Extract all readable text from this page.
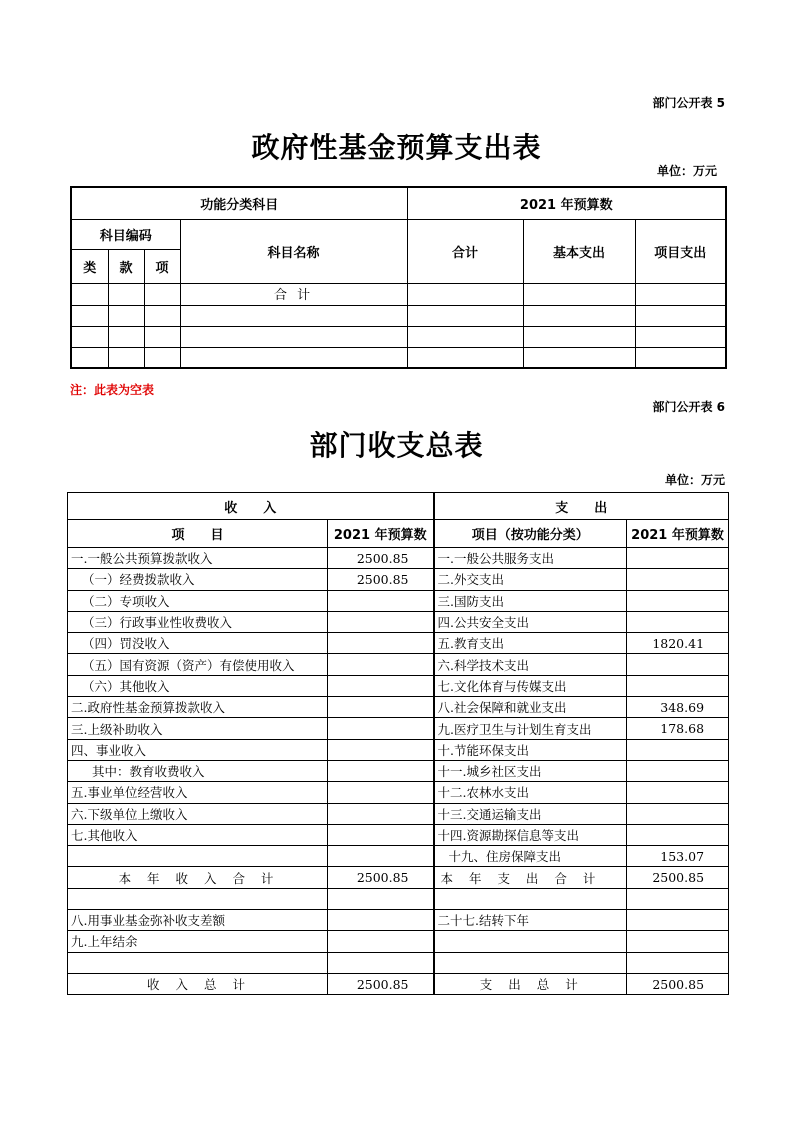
部门公开表 5
政府性基金预算支出表
单位：万元
功能分类科目				2021 年预算数		
科目编码			科目名称	合计	基本支出	项目支出
类	款	项				
			合 计			

注：此表为空表
部门公开表 6
部门收支总表
单位：万元
收　　入		支　　出	
项　　目	2021 年预算数	项目（按功能分类）	2021 年预算数
一.一般公共预算拨款收入	2500.85	一.一般公共服务支出	
（一）经费拨款收入	2500.85	二.外交支出	
（二）专项收入		三.国防支出	
（三）行政事业性收费收入		四.公共安全支出	
（四）罚没收入		五.教育支出	1820.41
（五）国有资源（资产）有偿使用收入		六.科学技术支出	
（六）其他收入		七.文化体育与传媒支出	
二.政府性基金预算拨款收入		八.社会保障和就业支出	348.69
三.上级补助收入		九.医疗卫生与计划生育支出	178.68
四、事业收入		十.节能环保支出	
其中：教育收费收入		十一.城乡社区支出	
五.事业单位经营收入		十二.农林水支出	
六.下级单位上缴收入		十三.交通运输支出	
七.其他收入		十四.资源勘探信息等支出	
		十九、住房保障支出	153.07
本 年 收 入 合 计	2500.85	本 年 支 出 合 计	2500.85

八.用事业基金弥补收支差额		二十七.结转下年	
九.上年结余			

收 入 总 计	2500.85	支 出 总 计	2500.85
